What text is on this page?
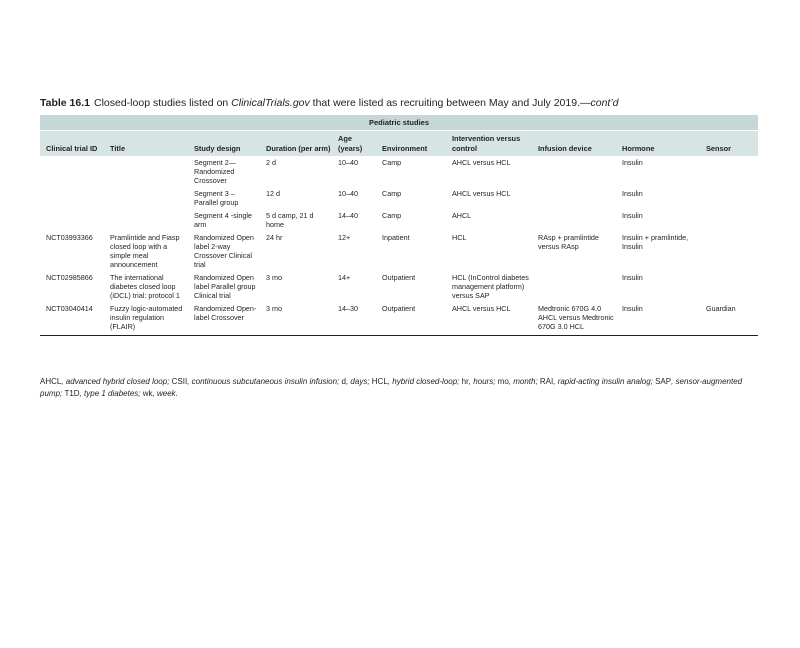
Table 16.1 Closed-loop studies listed on ClinicalTrials.gov that were listed as recruiting between May and July 2019.—cont’d
Pediatric studies									
Clinical trial ID	Title	Study design	Duration (per arm)	Age (years)	Environment	Intervention versus control	Infusion device	Hormone	Sensor
		Segment 2—Randomized Crossover	2 d	10–40	Camp	AHCL versus HCL		Insulin	
		Segment 3 – Parallel group	12 d	10–40	Camp	AHCL versus HCL		Insulin	
		Segment 4 -single arm	5 d camp, 21 d home	14–40	Camp	AHCL		Insulin	
NCT03993366	Pramlintide and Fiasp closed loop with a simple meal announcement	Randomized Open label 2-way Crossover Clinical trial	24 hr	12+	Inpatient	HCL	RAsp + pramlintide versus RAsp	Insulin + pramlintide, Insulin	
NCT02985866	The international diabetes closed loop (iDCL) trial: protocol 1	Randomized Open label Parallel group Clinical trial	3 mo	14+	Outpatient	HCL (InControl diabetes management platform) versus SAP		Insulin	
NCT03040414	Fuzzy logic-automated insulin regulation (FLAIR)	Randomized Open-label Crossover	3 mo	14–30	Outpatient	AHCL versus HCL	Medtronic 670G 4.0 AHCL versus Medtronic 670G 3.0 HCL	Insulin	Guardian
AHCL, advanced hybrid closed loop; CSII, continuous subcutaneous insulin infusion; d, days; HCL, hybrid closed-loop; hr, hours; mo, month; RAI, rapid-acting insulin analog; SAP, sensor-augmented pump; T1D, type 1 diabetes; wk, week.
